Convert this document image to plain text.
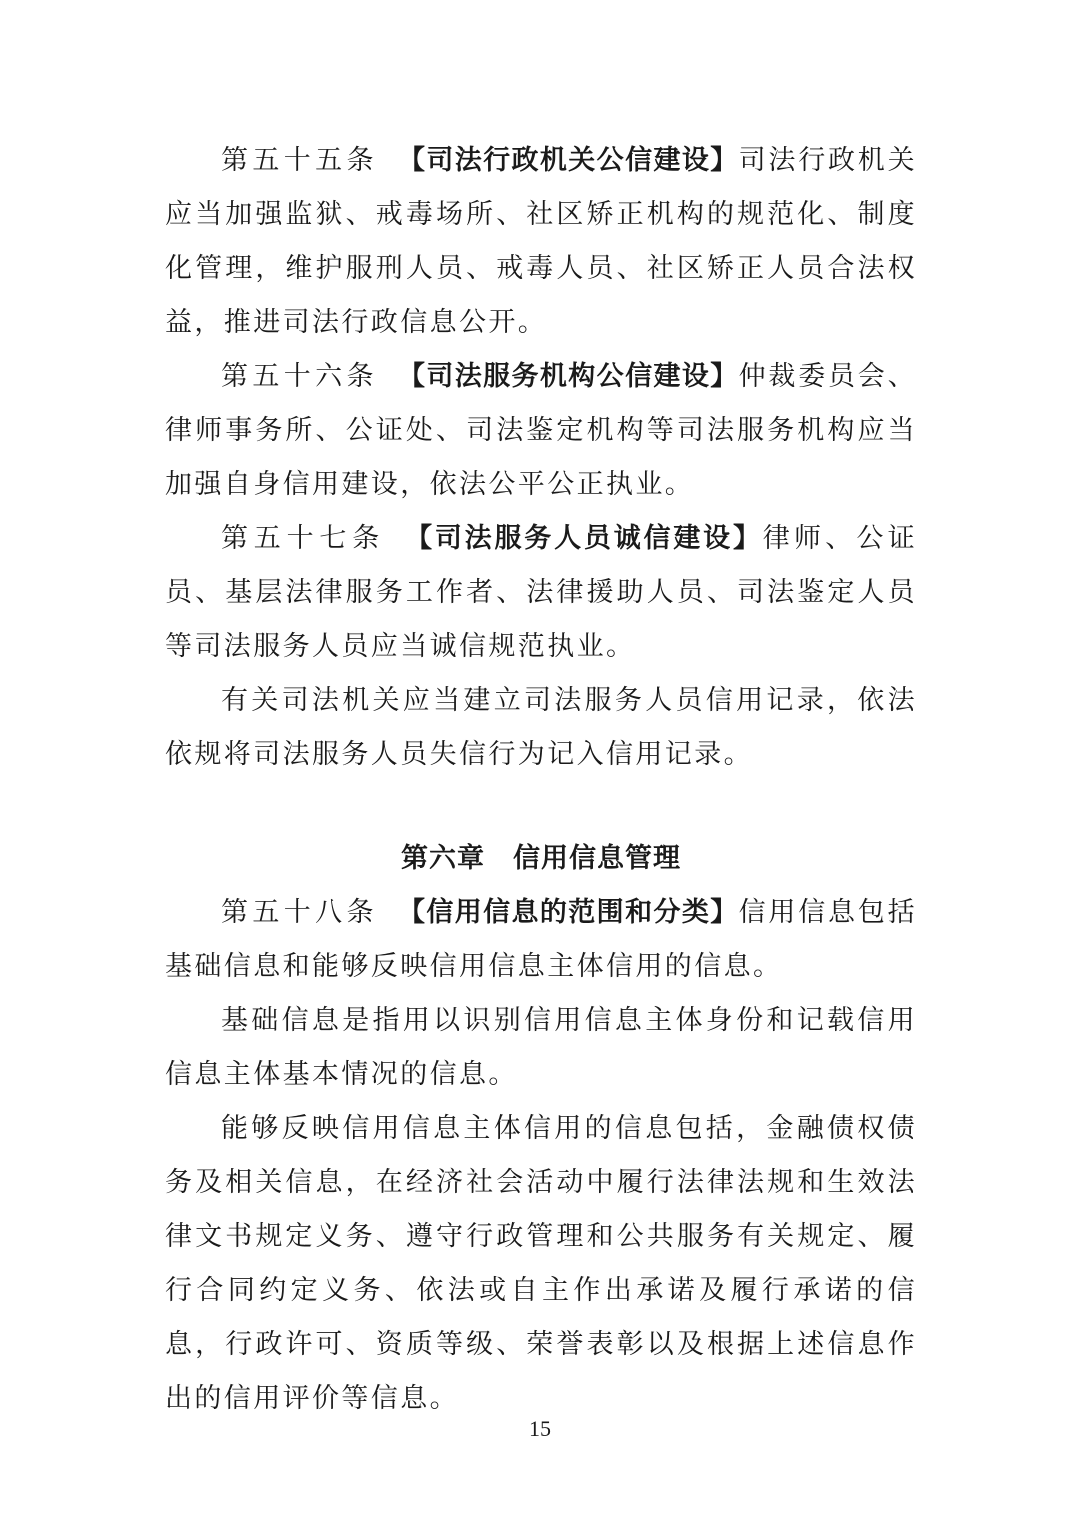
第五十五条 【司法行政机关公信建设】司法行政机关应当加强监狱、戒毒场所、社区矫正机构的规范化、制度化管理，维护服刑人员、戒毒人员、社区矫正人员合法权益，推进司法行政信息公开。

第五十六条 【司法服务机构公信建设】仲裁委员会、律师事务所、公证处、司法鉴定机构等司法服务机构应当加强自身信用建设，依法公平公正执业。

第五十七条 【司法服务人员诚信建设】律师、公证员、基层法律服务工作者、法律援助人员、司法鉴定人员等司法服务人员应当诚信规范执业。

有关司法机关应当建立司法服务人员信用记录，依法依规将司法服务人员失信行为记入信用记录。

第六章 信用信息管理

第五十八条 【信用信息的范围和分类】信用信息包括基础信息和能够反映信用信息主体信用的信息。

基础信息是指用以识别信用信息主体身份和记载信用信息主体基本情况的信息。

能够反映信用信息主体信用的信息包括，金融债权债务及相关信息，在经济社会活动中履行法律法规和生效法律文书规定义务、遵守行政管理和公共服务有关规定、履行合同约定义务、依法或自主作出承诺及履行承诺的信息，行政许可、资质等级、荣誉表彰以及根据上述信息作出的信用评价等信息。

15
